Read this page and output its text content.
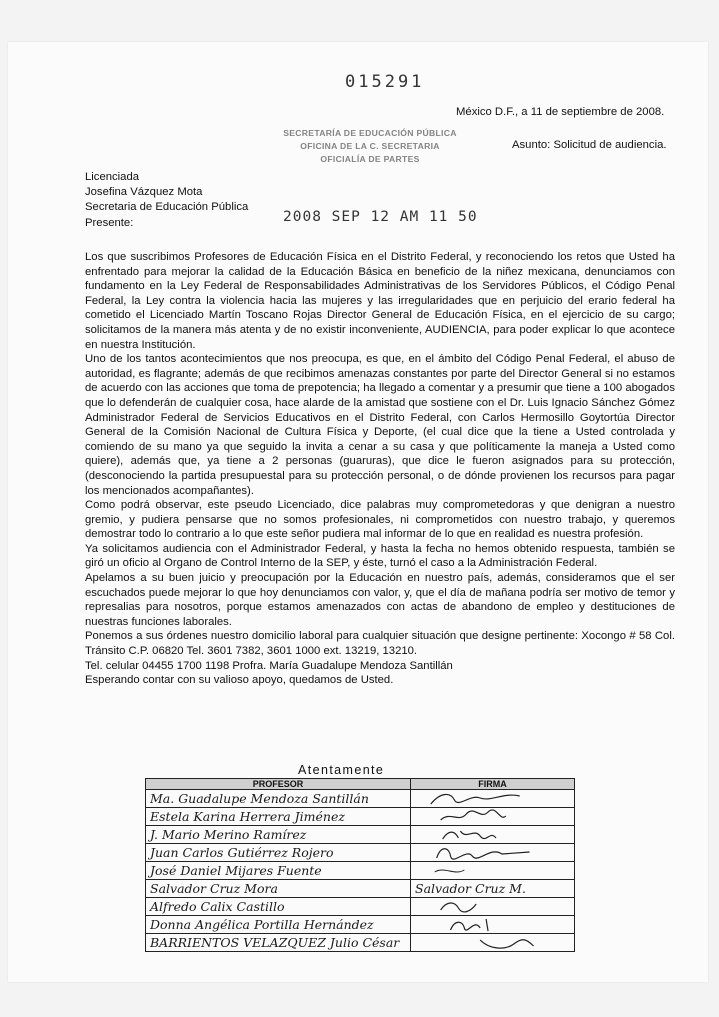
015291
México D.F., a 11 de septiembre de 2008.
SECRETARÍA DE EDUCACIÓN PÚBLICA
OFICINA DE LA C. SECRETARIA
OFICIALÍA DE PARTES
Asunto: Solicitud de audiencia.
Licenciada
Josefina Vázquez Mota
Secretaria de Educación Pública
Presente:	2008 SEP 12 AM 11 50

Los que suscribimos Profesores de Educación Física en el Distrito Federal, y reconociendo los retos que Usted ha enfrentado para mejorar la calidad de la Educación Básica en beneficio de la niñez mexicana, denunciamos con fundamento en la Ley Federal de Responsabilidades Administrativas de los Servidores Públicos, el Código Penal Federal, la Ley contra la violencia hacia las mujeres y las irregularidades que en perjuicio del erario federal ha cometido el Licenciado Martín Toscano Rojas Director General de Educación Física, en el ejercicio de su cargo; solicitamos de la manera más atenta y de no existir inconveniente, AUDIENCIA, para poder explicar lo que acontece en nuestra Institución.

Uno de los tantos acontecimientos que nos preocupa, es que, en el ámbito del Código Penal Federal, el abuso de autoridad, es flagrante; además de que recibimos amenazas constantes por parte del Director General si no estamos de acuerdo con las acciones que toma de prepotencia; ha llegado a comentar y a presumir que tiene a 100 abogados que lo defenderán de cualquier cosa, hace alarde de la amistad que sostiene con el Dr. Luis Ignacio Sánchez Gómez Administrador Federal de Servicios Educativos en el Distrito Federal, con Carlos Hermosillo Goytortúa Director General de la Comisión Nacional de Cultura Física y Deporte, (el cual dice que la tiene a Usted controlada y comiendo de su mano ya que seguido la invita a cenar a su casa y que políticamente la maneja a Usted como quiere), además que, ya tiene a 2 personas (guaruras), que dice le fueron asignados para su protección, (desconociendo la partida presupuestal para su protección personal, o de dónde provienen los recursos para pagar los mencionados acompañantes).

Como podrá observar, este pseudo Licenciado, dice palabras muy comprometedoras y que denigran a nuestro gremio, y pudiera pensarse que no somos profesionales, ni comprometidos con nuestro trabajo, y queremos demostrar todo lo contrario a lo que este señor pudiera mal informar de lo que en realidad es nuestra profesión.

Ya solicitamos audiencia con el Administrador Federal, y hasta la fecha no hemos obtenido respuesta, también se giró un oficio al Organo de Control Interno de la SEP, y éste, turnó el caso a la Administración Federal.

Apelamos a su buen juicio y preocupación por la Educación en nuestro país, además, consideramos que el ser escuchados puede mejorar lo que hoy denunciamos con valor, y, que el día de mañana podría ser motivo de temor y represalias para nosotros, porque estamos amenazados con actas de abandono de empleo y destituciones de nuestras funciones laborales.

Ponemos a sus órdenes nuestro domicilio laboral para cualquier situación que designe pertinente: Xocongo # 58 Col. Tránsito C.P. 06820 Tel. 3601 7382, 3601 1000 ext. 13219, 13210.

Tel. celular 04455 1700 1198 Profra. María Guadalupe Mendoza Santillán

Esperando contar con su valioso apoyo, quedamos de Usted.

Atentamente
PROFESOR	FIRMA
Ma. Guadalupe Mendoza Santillán	

Estela Karina Herrera Jiménez	

J. Mario Merino Ramírez	

Juan Carlos Gutiérrez Rojero	

José Daniel Mijares Fuente	

Salvador Cruz Mora	Salvador Cruz M.
Alfredo Calix Castillo	

Donna Angélica Portilla Hernández	

BARRIENTOS VELAZQUEZ Julio César	
